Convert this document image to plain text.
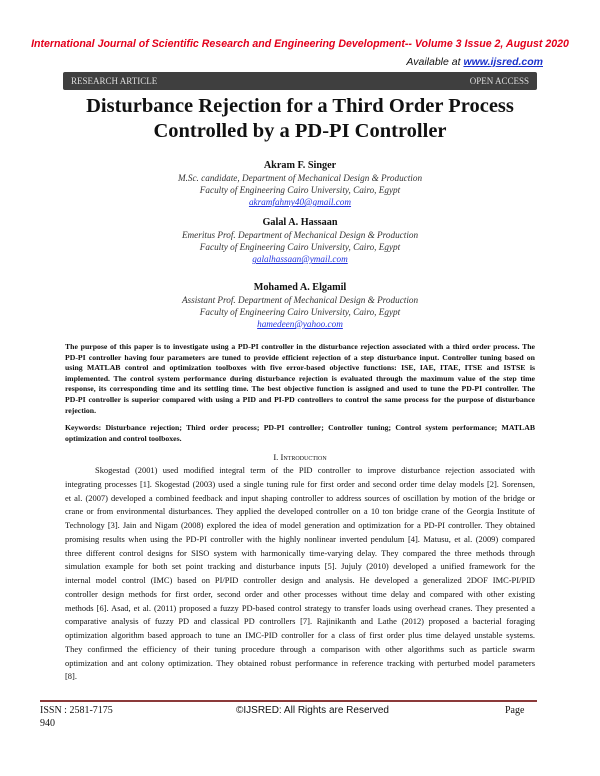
International Journal of Scientific Research and Engineering Development-- Volume 3 Issue 2, August 2020
Available at www.ijsred.com
RESEARCH ARTICLE	OPEN ACCESS
Disturbance Rejection for a Third Order Process
Controlled by a PD-PI Controller
Akram F. Singer
M.Sc. candidate, Department of Mechanical Design & Production
Faculty of Engineering Cairo University, Cairo, Egypt
akramfahmy40@gmail.com
Galal A. Hassaan
Emeritus Prof. Department of Mechanical Design & Production
Faculty of Engineering Cairo University, Cairo, Egypt
galalhassaan@ymail.com
Mohamed A. Elgamil
Assistant Prof. Department of Mechanical Design & Production
Faculty of Engineering Cairo University, Cairo, Egypt
hamedeen@yahoo.com
The purpose of this paper is to investigate using a PD-PI controller in the disturbance rejection associated with a third order process. The
PD-PI controller having four parameters are tuned to provide efficient rejection of a step disturbance input. Controller tuning based on
using MATLAB control and optimization toolboxes with five error-based objective functions: ISE, IAE, ITAE, ITSE and ISTSE is
implemented. The control system performance during disturbance rejection is evaluated through the maximum value of the step time
response, its corresponding time and its settling time. The best objective function is assigned and used to tune the PD-PI controller. The
PD-PI controller is superior compared with using a PID and PI-PD controllers to control the same process for the purpose of disturbance
rejection.
Keywords: Disturbance rejection; Third order process; PD-PI controller; Controller tuning; Control system performance; MATLAB
optimization and control toolboxes.
I. Introduction
Skogestad (2001) used modified integral term of the PID controller to improve disturbance rejection associated with
integrating processes [1]. Skogestad (2003) used a single tuning rule for first order and second order time delay models [2]. Sorensen,
et al. (2007) developed a combined feedback and input shaping controller to address sources of oscillation by motion of the bridge or
crane or from environmental disturbances. They applied the developed controller on a 10 ton bridge crane of the Georgia Institute of
Technology [3]. Jain and Nigam (2008) explored the idea of model generation and optimization for a PD-PI controller. They obtained
promising results when using the PD-PI controller with the highly nonlinear inverted pendulum [4]. Matusu, et al. (2009) compared
three different control designs for SISO system with harmonically time-varying delay. They compared the three methods through
simulation example for both set point tracking and disturbance inputs [5]. Jujuly (2010) developed a unified framework for the
internal model control (IMC) based on PI/PID controller design and analysis. He developed a generalized 2DOF IMC-PI/PID
controller design methods for first order, second order and other processes without time delay and compared with other existing
methods [6]. Asad, et al. (2011) proposed a fuzzy PD-based control strategy to transfer loads using overhead cranes. They presented a
comparative analysis of fuzzy PD and classical PD controllers [7]. Rajinikanth and Lathe (2012) proposed a bacterial foraging
optimization algorithm based approach to tune an IMC-PID controller for a class of first order plus time delayed unstable systems.
They confirmed the efficiency of their tuning procedure through a comparison with other algorithms such as particle swarm
optimization and ant colony optimization. They obtained robust performance in reference tracking with perturbed model parameters
[8].
ISSN : 2581-7175
940
©IJSRED: All Rights are Reserved	Page
